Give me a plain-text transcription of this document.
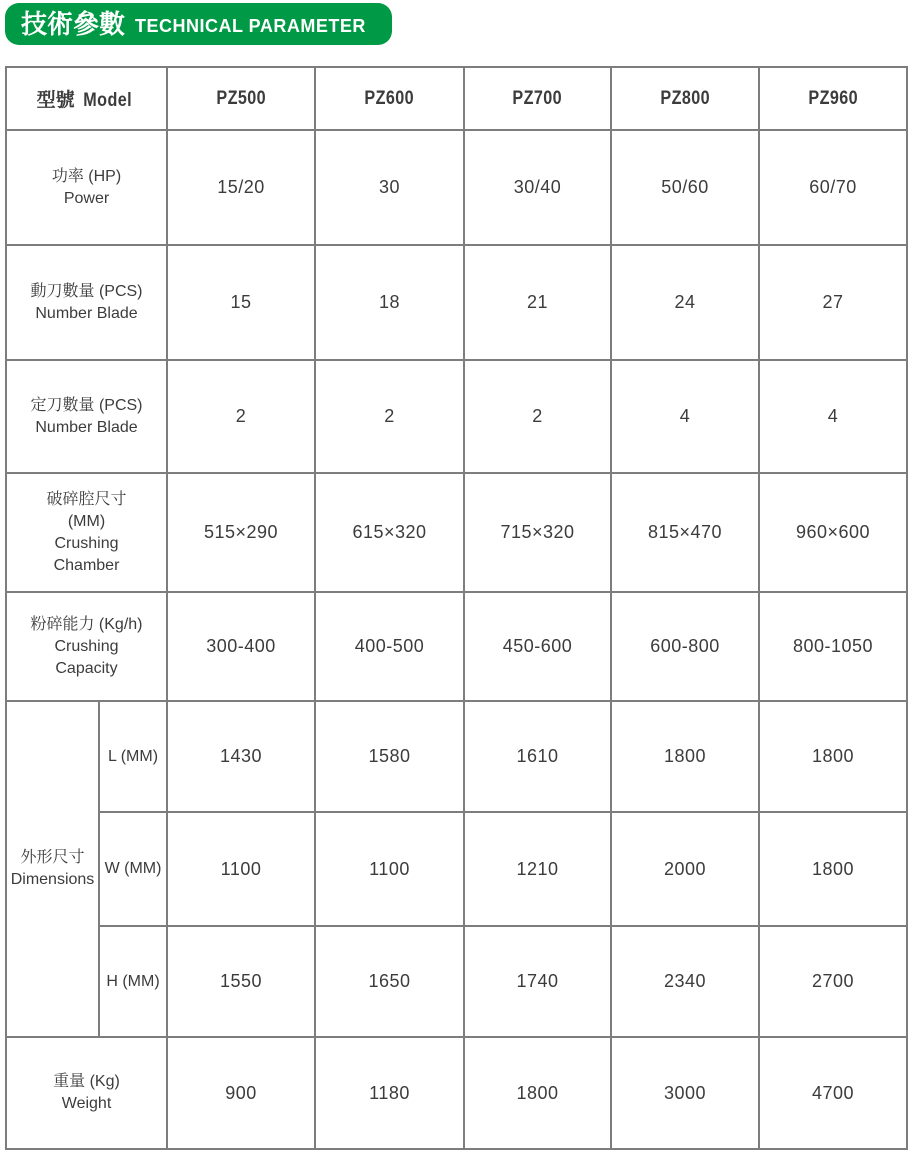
技術參數 TECHNICAL PARAMETER
型號 Model		PZ500	PZ600	PZ700	PZ800	PZ960

功率 (HP)
Power		15/20	30	30/40	50/60	60/70

動刀數量 (PCS)
Number Blade		15	18	21	24	27

定刀數量 (PCS)
Number Blade		2	2	2	4	4

破碎腔尺寸
(MM)
Crushing
Chamber		515×290	615×320	715×320	815×470	960×600

粉碎能力 (Kg/h)
Crushing
Capacity		300-400	400-500	450-600	600-800	800-1050

外形尺寸
Dimensions	L (MM)	1430	1580	1610	1800	1800
	W (MM)	1100	1100	1210	2000	1800
	H (MM)	1550	1650	1740	2340	2700

重量 (Kg)
Weight		900	1180	1800	3000	4700
